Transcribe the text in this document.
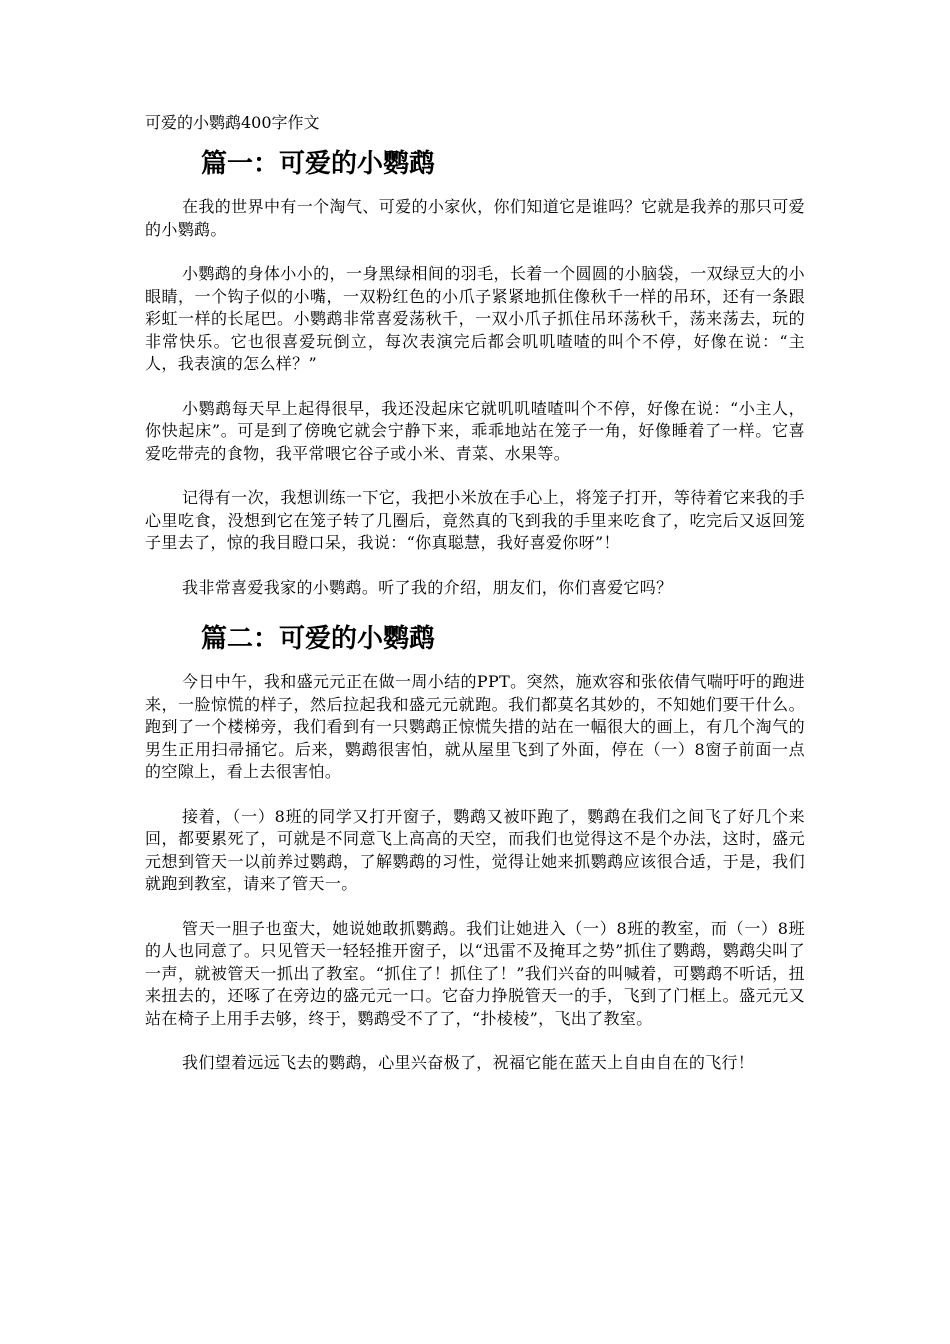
可爱的小鹦鹉400字作文
篇一：可爱的小鹦鹉

在我的世界中有一个淘气、可爱的小家伙，你们知道它是谁吗？它就是我养的那只可爱的小鹦鹉。

小鹦鹉的身体小小的，一身黑绿相间的羽毛，长着一个圆圆的小脑袋，一双绿豆大的小眼睛，一个钩子似的小嘴，一双粉红色的小爪子紧紧地抓住像秋千一样的吊环，还有一条跟彩虹一样的长尾巴。小鹦鹉非常喜爱荡秋千，一双小爪子抓住吊环荡秋千，荡来荡去，玩的非常快乐。它也很喜爱玩倒立，每次表演完后都会叽叽喳喳的叫个不停，好像在说：“主人，我表演的怎么样？”

小鹦鹉每天早上起得很早，我还没起床它就叽叽喳喳叫个不停，好像在说：“小主人，你快起床”。可是到了傍晚它就会宁静下来，乖乖地站在笼子一角，好像睡着了一样。它喜爱吃带壳的食物，我平常喂它谷子或小米、青菜、水果等。

记得有一次，我想训练一下它，我把小米放在手心上，将笼子打开，等待着它来我的手心里吃食，没想到它在笼子转了几圈后，竟然真的飞到我的手里来吃食了，吃完后又返回笼子里去了，惊的我目瞪口呆，我说：“你真聪慧，我好喜爱你呀”！

我非常喜爱我家的小鹦鹉。听了我的介绍，朋友们，你们喜爱它吗？

篇二：可爱的小鹦鹉

今日中午，我和盛元元正在做一周小结的PPT。突然，施欢容和张依倩气喘吁吁的跑进来，一脸惊慌的样子，然后拉起我和盛元元就跑。我们都莫名其妙的，不知她们要干什么。跑到了一个楼梯旁，我们看到有一只鹦鹉正惊慌失措的站在一幅很大的画上，有几个淘气的男生正用扫帚捅它。后来，鹦鹉很害怕，就从屋里飞到了外面，停在（一）8窗子前面一点的空隙上，看上去很害怕。

接着，（一）8班的同学又打开窗子，鹦鹉又被吓跑了，鹦鹉在我们之间飞了好几个来回，都要累死了，可就是不同意飞上高高的天空，而我们也觉得这不是个办法，这时，盛元元想到管天一以前养过鹦鹉，了解鹦鹉的习性，觉得让她来抓鹦鹉应该很合适，于是，我们就跑到教室，请来了管天一。

管天一胆子也蛮大，她说她敢抓鹦鹉。我们让她进入（一）8班的教室，而（一）8班的人也同意了。只见管天一轻轻推开窗子，以“迅雷不及掩耳之势”抓住了鹦鹉，鹦鹉尖叫了一声，就被管天一抓出了教室。“抓住了！抓住了！”我们兴奋的叫喊着，可鹦鹉不听话，扭来扭去的，还啄了在旁边的盛元元一口。它奋力挣脱管天一的手，飞到了门框上。盛元元又站在椅子上用手去够，终于，鹦鹉受不了了，“扑棱棱”，飞出了教室。

我们望着远远飞去的鹦鹉，心里兴奋极了，祝福它能在蓝天上自由自在的飞行！
